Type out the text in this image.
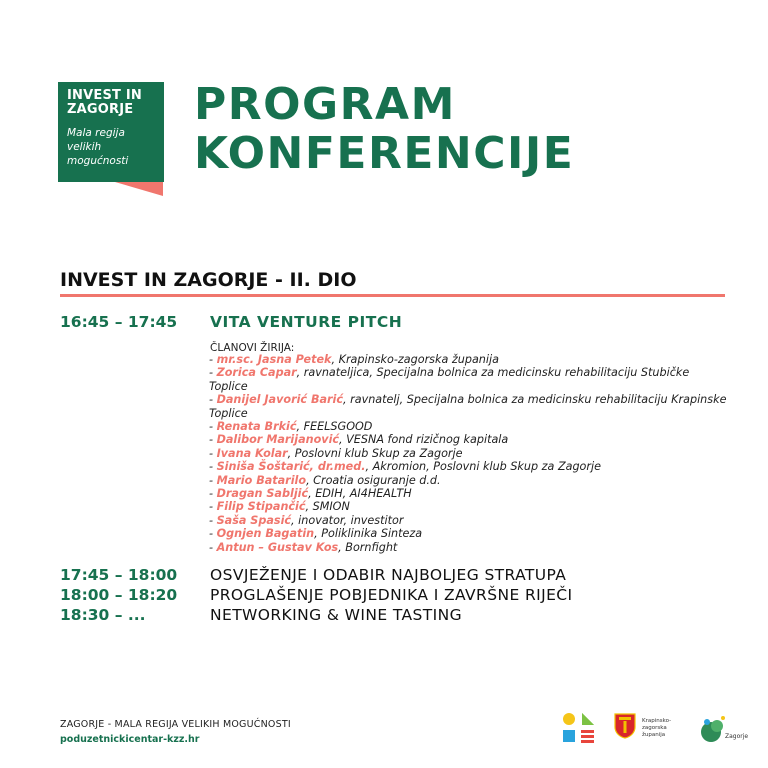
INVEST IN
ZAGORJE
Mala regija
velikih
mogućnosti
PROGRAM
KONFERENCIJE
INVEST IN ZAGORJE - II. DIO
16:45 – 17:45 VITA VENTURE PITCH
ČLANOVI ŽIRIJA:
- mr.sc. Jasna Petek, Krapinsko-zagorska županija
- Zorica Capar, ravnateljica, Specijalna bolnica za medicinsku rehabilitaciju Stubičke Toplice
- Danijel Javorić Barić, ravnatelj, Specijalna bolnica za medicinsku rehabilitaciju Krapinske Toplice
- Renata Brkić, FEELSGOOD
- Dalibor Marijanović, VESNA fond rizičnog kapitala
- Ivana Kolar, Poslovni klub Skup za Zagorje
- Siniša Šoštarić, dr.med., Akromion, Poslovni klub Skup za Zagorje
- Mario Batarilo, Croatia osiguranje d.d.
- Dragan Sabljić, EDIH, AI4HEALTH
- Filip Stipančić, SMION
- Saša Spasić, inovator, investitor
- Ognjen Bagatin, Poliklinika Sinteza
- Antun – Gustav Kos, Bornfight
17:45 – 18:00 OSVJEŽENJE I ODABIR NAJBOLJEG STRATUPA
18:00 – 18:20 PROGLAŠENJE POBJEDNIKA I ZAVRŠNE RIJEČI
18:30 – ...	NETWORKING & WINE TASTING
ZAGORJE - MALA REGIJA VELIKIH MOGUĆNOSTI
poduzetnickicentar-kzz.hr
Krapinsko-zagorska
županija	Zagorje
